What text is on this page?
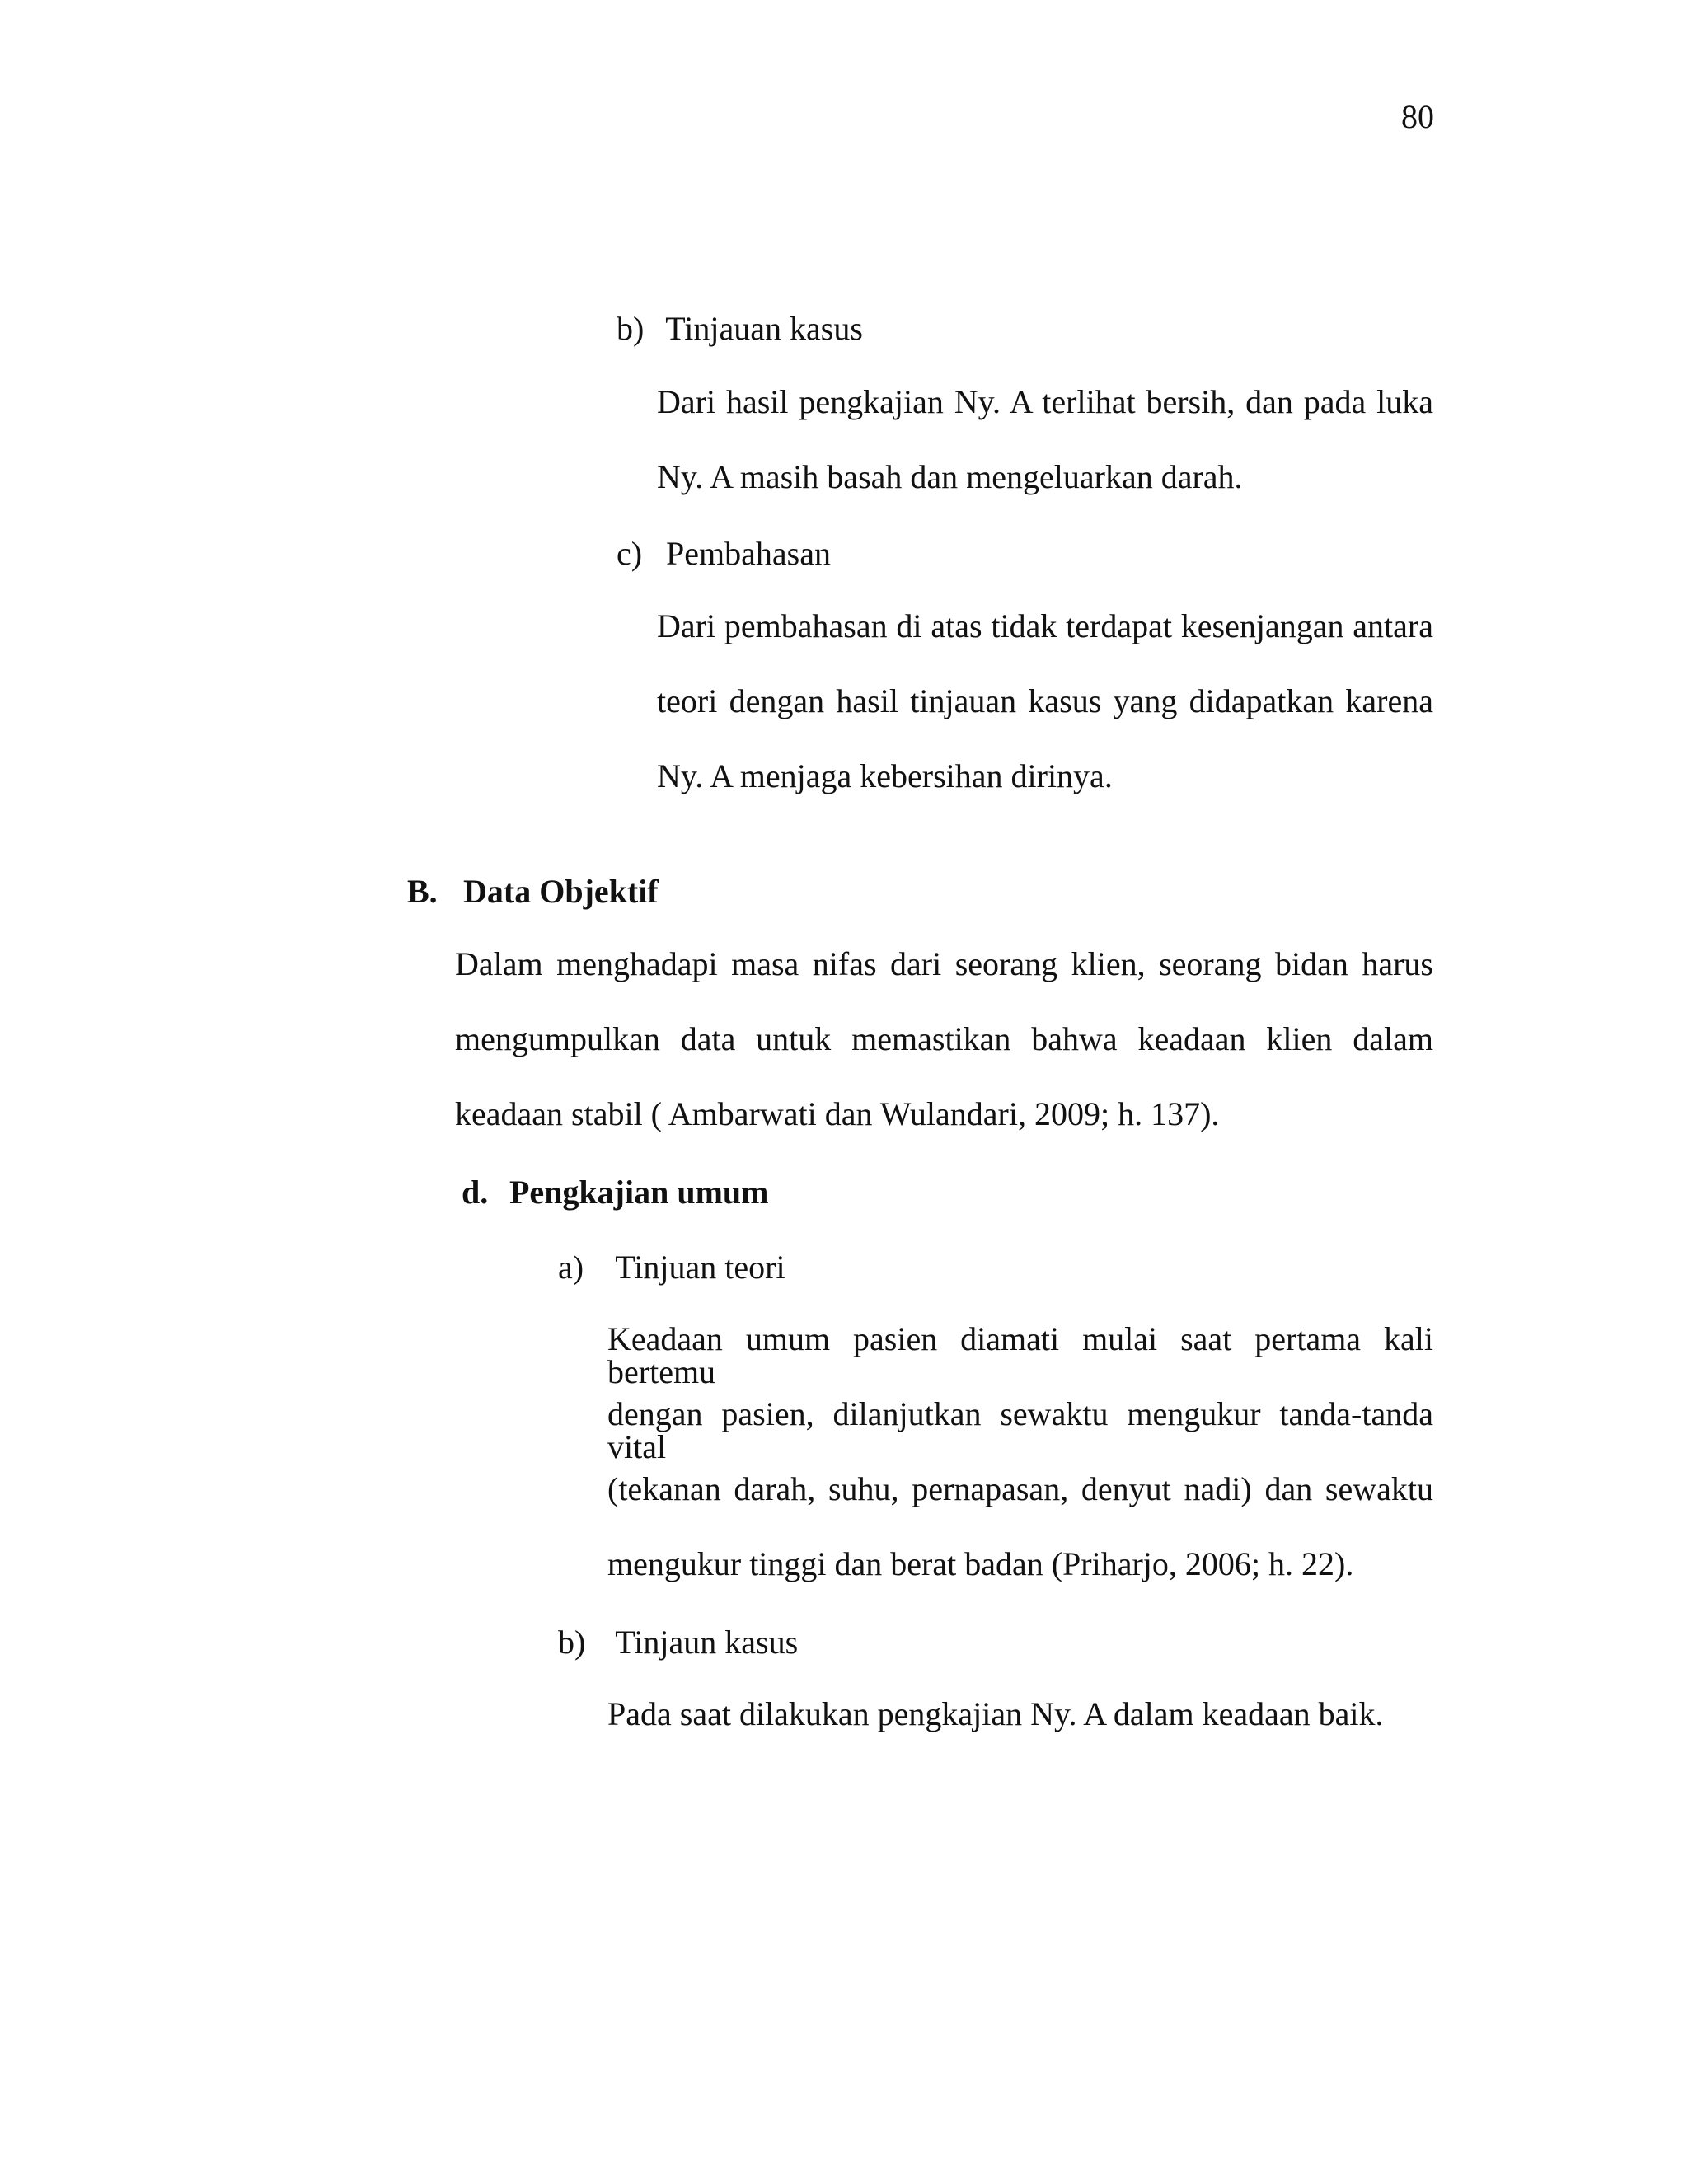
80
b) Tinjauan kasus
Dari hasil pengkajian Ny. A terlihat bersih, dan pada luka
Ny. A masih basah dan mengeluarkan darah.
c) Pembahasan
Dari pembahasan di atas tidak terdapat kesenjangan antara
teori dengan hasil tinjauan kasus yang didapatkan karena
Ny. A menjaga kebersihan dirinya.
B. Data Objektif
Dalam menghadapi masa nifas dari seorang klien, seorang bidan harus
mengumpulkan data untuk memastikan bahwa keadaan klien dalam
keadaan stabil ( Ambarwati dan Wulandari, 2009; h. 137).
d. Pengkajian umum
a) Tinjuan teori
Keadaan umum pasien diamati mulai saat pertama kali bertemu
dengan pasien, dilanjutkan sewaktu mengukur tanda-tanda vital
(tekanan darah, suhu, pernapasan, denyut nadi) dan sewaktu
mengukur tinggi dan berat badan (Priharjo, 2006; h. 22).
b) Tinjaun kasus
Pada saat dilakukan pengkajian Ny. A dalam keadaan baik.
